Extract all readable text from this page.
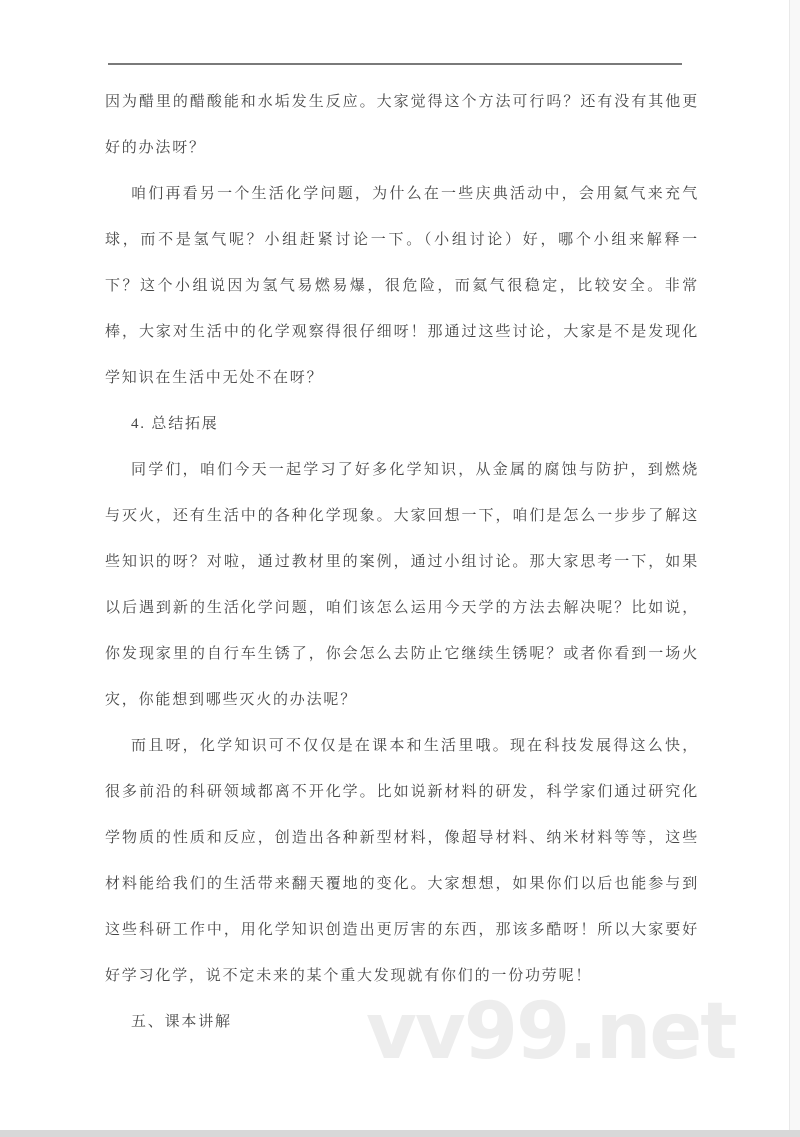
因为醋里的醋酸能和水垢发生反应。大家觉得这个方法可行吗？还有没有其他更好的办法呀？

咱们再看另一个生活化学问题，为什么在一些庆典活动中，会用氦气来充气球，而不是氢气呢？小组赶紧讨论一下。（小组讨论）好，哪个小组来解释一下？这个小组说因为氢气易燃易爆，很危险，而氦气很稳定，比较安全。非常棒，大家对生活中的化学观察得很仔细呀！那通过这些讨论，大家是不是发现化学知识在生活中无处不在呀？

4. 总结拓展

同学们，咱们今天一起学习了好多化学知识，从金属的腐蚀与防护，到燃烧与灭火，还有生活中的各种化学现象。大家回想一下，咱们是怎么一步步了解这些知识的呀？对啦，通过教材里的案例，通过小组讨论。那大家思考一下，如果以后遇到新的生活化学问题，咱们该怎么运用今天学的方法去解决呢？比如说，你发现家里的自行车生锈了，你会怎么去防止它继续生锈呢？或者你看到一场火灾，你能想到哪些灭火的办法呢？

而且呀，化学知识可不仅仅是在课本和生活里哦。现在科技发展得这么快，很多前沿的科研领域都离不开化学。比如说新材料的研发，科学家们通过研究化学物质的性质和反应，创造出各种新型材料，像超导材料、纳米材料等等，这些材料能给我们的生活带来翻天覆地的变化。大家想想，如果你们以后也能参与到这些科研工作中，用化学知识创造出更厉害的东西，那该多酷呀！所以大家要好好学习化学，说不定未来的某个重大发现就有你们的一份功劳呢！

五、课本讲解	vv99.net
